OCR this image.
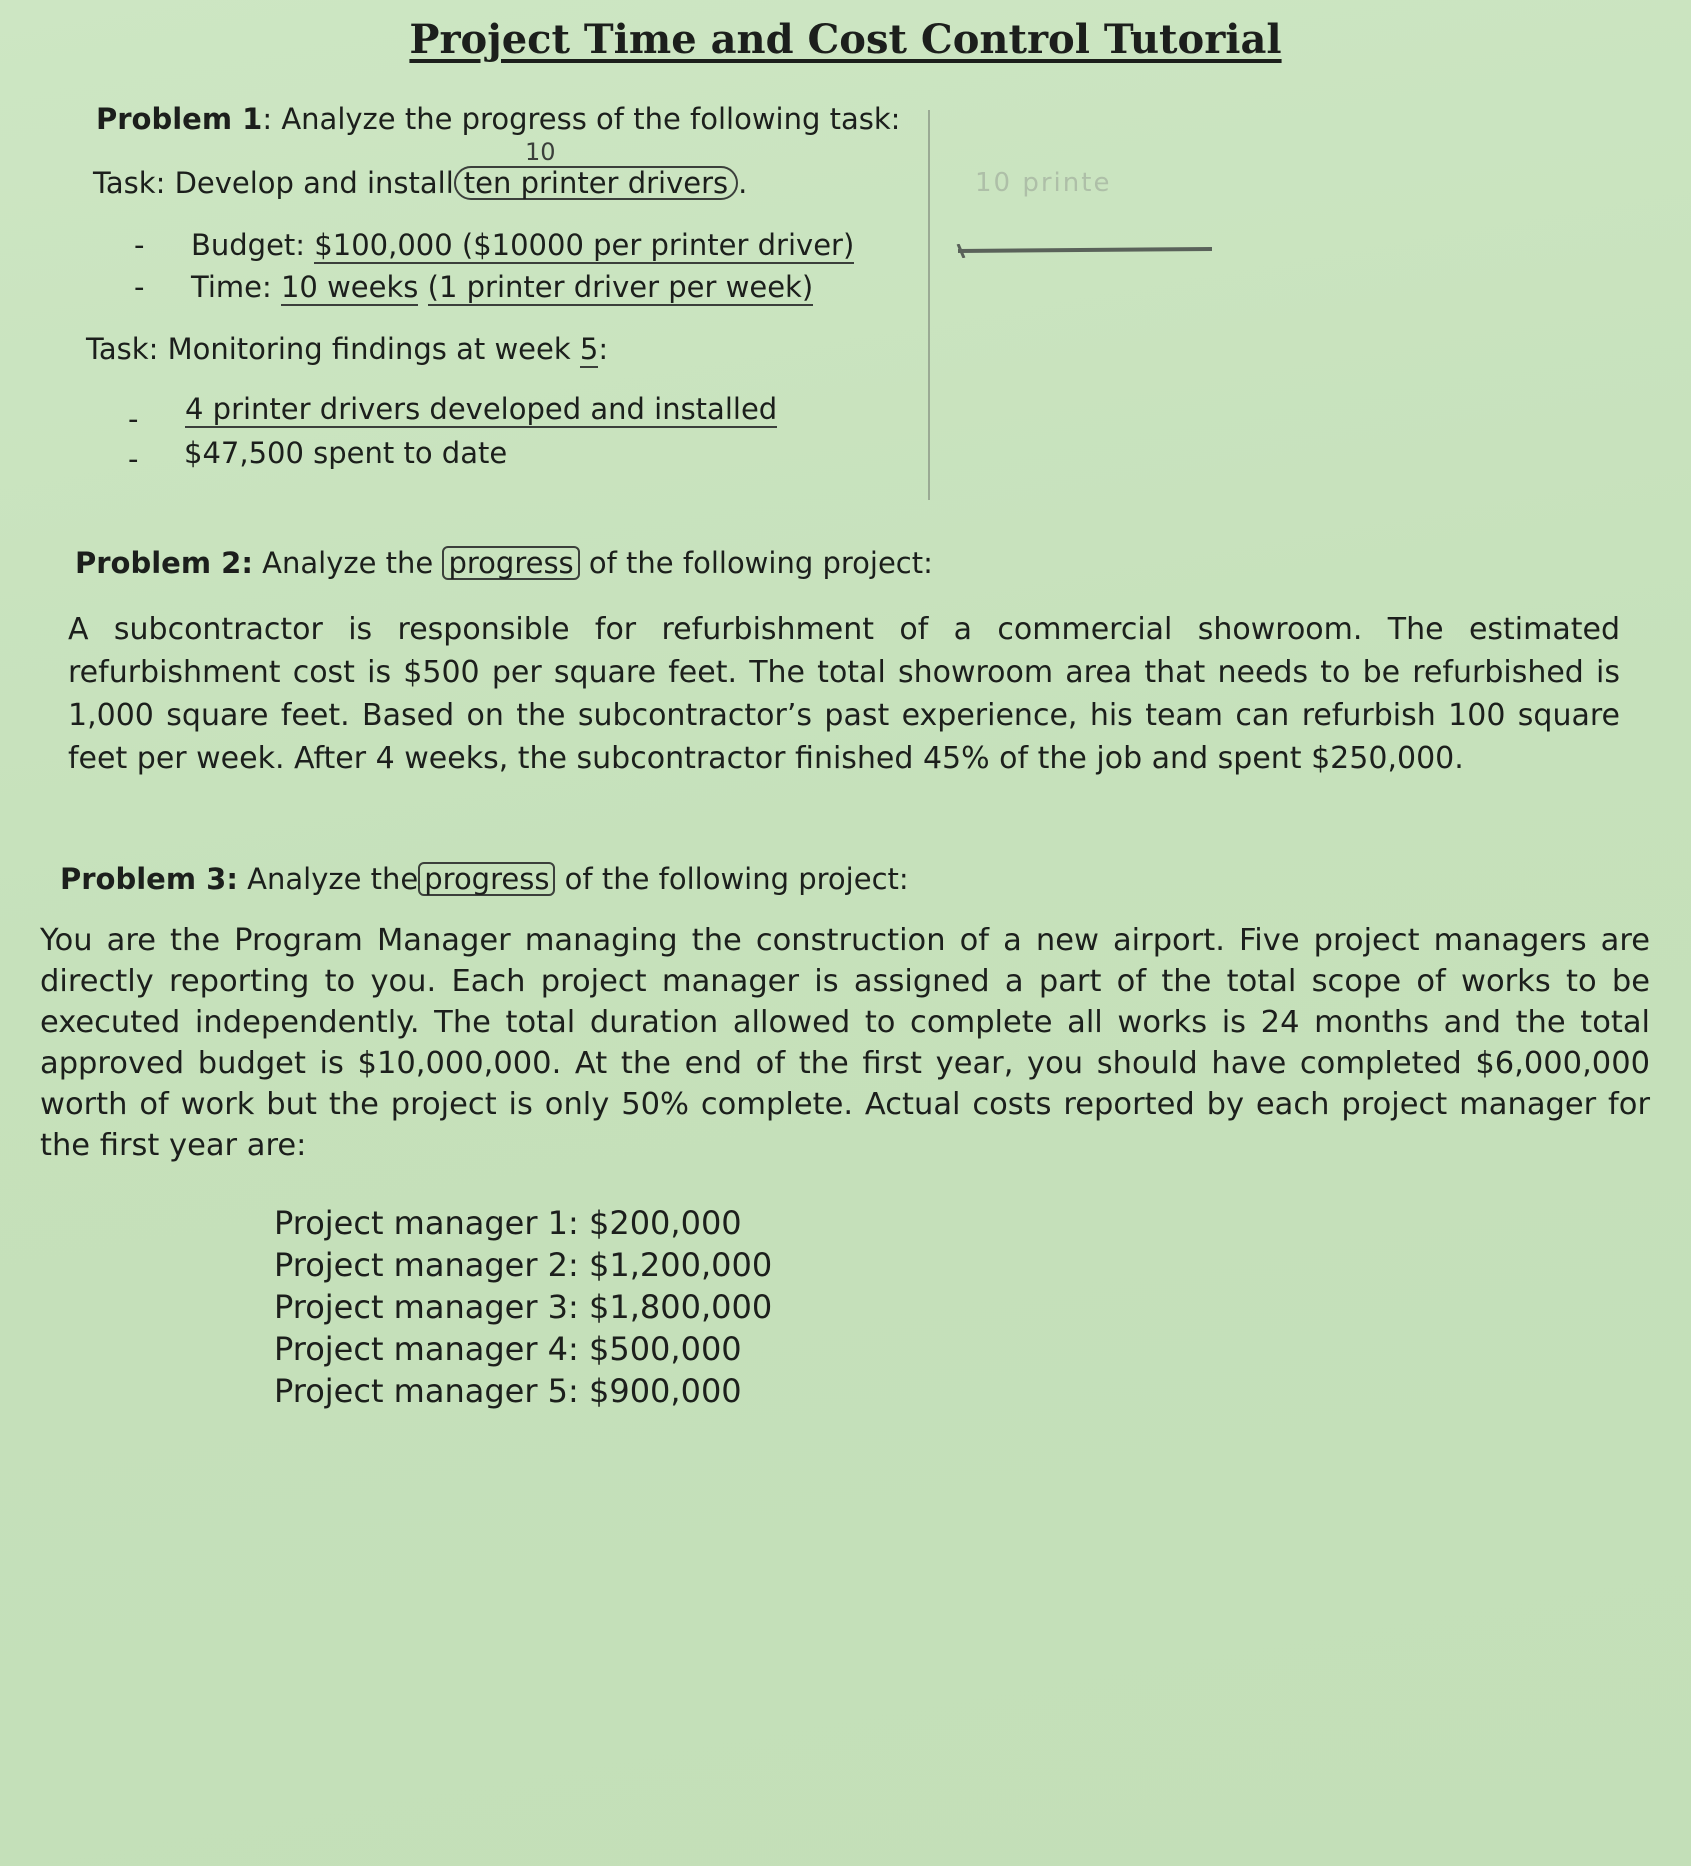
Project Time and Cost Control Tutorial
Problem 1: Analyze the progress of the following task:
10
10 printe
Task: Develop and install ten printer drivers .
- Budget: $100,000 ($10000 per printer driver)
- Time: 10 weeks (1 printer driver per week)
Task: Monitoring findings at week 5:
- 4 printer drivers developed and installed
- $47,500 spent to date
Problem 2: Analyze the progress of the following project:
A subcontractor is responsible for refurbishment of a commercial showroom. The estimated refurbishment cost is $500 per square feet. The total showroom area that needs to be refurbished is 1,000 square feet. Based on the subcontractor’s past experience, his team can refurbish 100 square feet per week. After 4 weeks, the subcontractor finished 45% of the job and spent $250,000.
Problem 3: Analyze the progress of the following project:
You are the Program Manager managing the construction of a new airport. Five project managers are directly reporting to you. Each project manager is assigned a part of the total scope of works to be executed independently. The total duration allowed to complete all works is 24 months and the total approved budget is $10,000,000. At the end of the first year, you should have completed $6,000,000 worth of work but the project is only 50% complete. Actual costs reported by each project manager for the first year are:
Project manager 1: $200,000
Project manager 2: $1,200,000
Project manager 3: $1,800,000
Project manager 4: $500,000
Project manager 5: $900,000
